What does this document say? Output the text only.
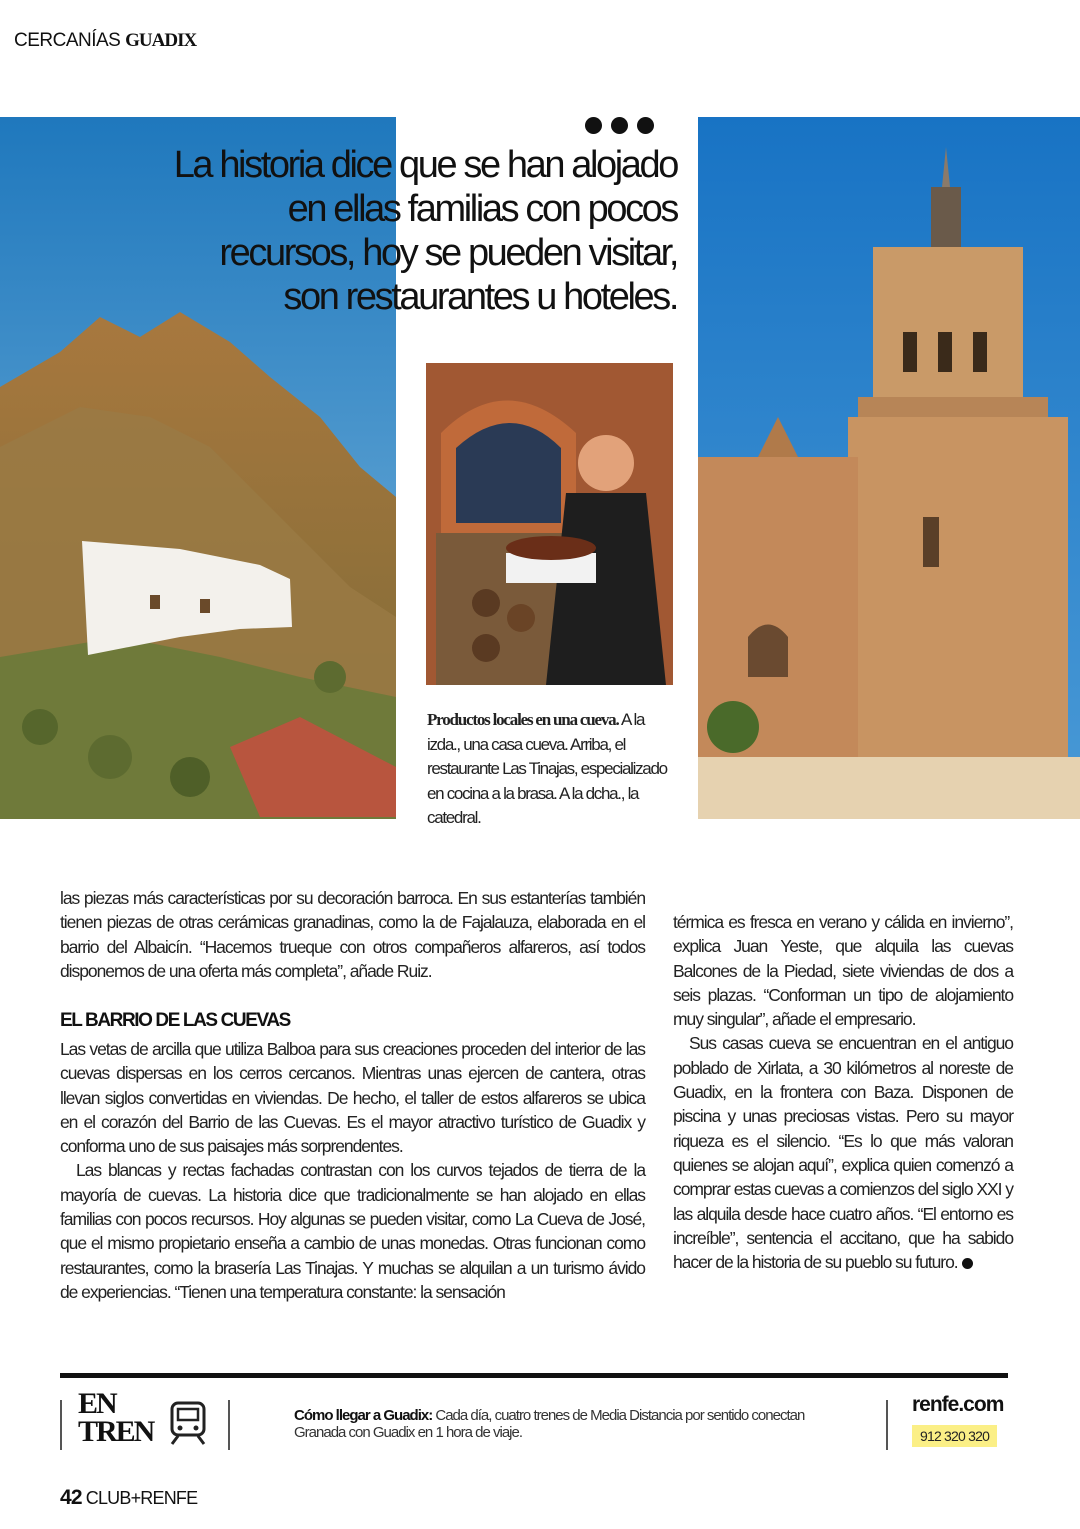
CERCANÍAS GUADIX
La historia dice que se han alojado en ellas familias con pocos recursos, hoy se pueden visitar, son restaurantes u hoteles.
Productos locales en una cueva. A la izda., una casa cueva. Arriba, el restaurante Las Tinajas, especializado en cocina a la brasa. A la dcha., la catedral.

las piezas más características por su decoración barroca. En sus estanterías también tienen piezas de otras cerámicas granadinas, como la de Fajalauza, elaborada en el barrio del Albaicín. “Hacemos trueque con otros compañeros alfareros, así todos disponemos de una oferta más completa”, añade Ruiz.

EL BARRIO DE LAS CUEVAS

Las vetas de arcilla que utiliza Balboa para sus creaciones proceden del interior de las cuevas dispersas en los cerros cercanos. Mientras unas ejercen de cantera, otras llevan siglos convertidas en viviendas. De hecho, el taller de estos alfareros se ubica en el corazón del Barrio de las Cuevas. Es el mayor atractivo turístico de Guadix y conforma uno de sus paisajes más sorprendentes.

Las blancas y rectas fachadas contrastan con los curvos tejados de tierra de la mayoría de cuevas. La historia dice que tradicionalmente se han alojado en ellas familias con pocos recursos. Hoy algunas se pueden visitar, como La Cueva de José, que el mismo propietario enseña a cambio de unas monedas. Otras funcionan como restaurantes, como la brasería Las Tinajas. Y muchas se alquilan a un turismo ávido de experiencias. “Tienen una temperatura constante: la sensación

térmica es fresca en verano y cálida en invierno”, explica Juan Yeste, que alquila las cuevas Balcones de la Piedad, siete viviendas de dos a seis plazas. “Conforman un tipo de alojamiento muy singular”, añade el empresario.

Sus casas cueva se encuentran en el antiguo poblado de Xirlata, a 30 kilómetros al noreste de Guadix, en la frontera con Baza. Disponen de piscina y unas preciosas vistas. Pero su mayor riqueza es el silencio. “Es lo que más valoran quienes se alojan aquí”, explica quien comenzó a comprar estas cuevas a comienzos del siglo XXI y las alquila desde hace cuatro años. “El entorno es increíble”, sentencia el accitano, que ha sabido hacer de la historia de su pueblo su futuro.

EN
TREN	Cómo llegar a Guadix: Cada día, cuatro trenes de Media Distancia por sentido conectan Granada con Guadix en 1 hora de viaje.
renfe.com
912 320 320
42 CLUB+RENFE
